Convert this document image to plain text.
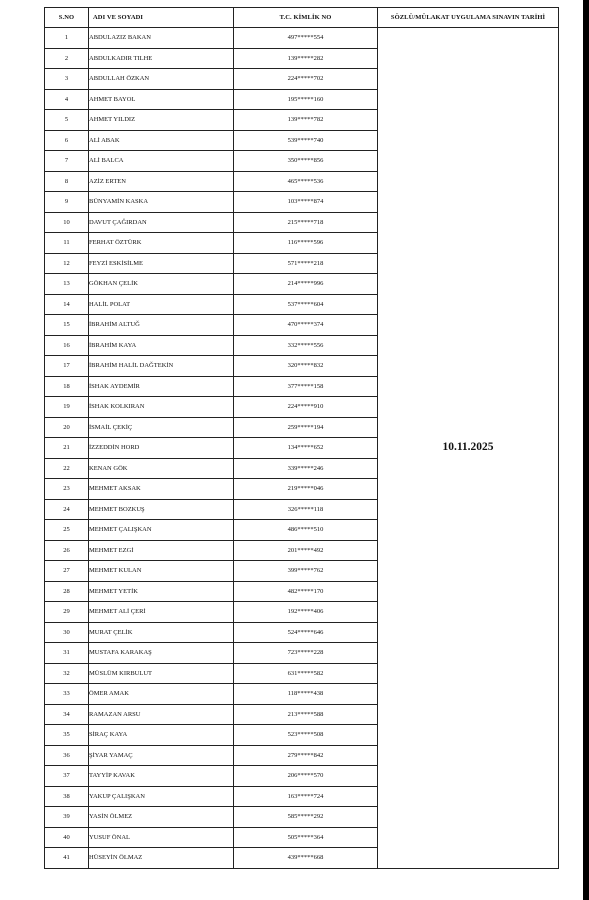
S.NO	ADI VE SOYADI	T.C. KİMLİK NO	SÖZLÜ/MÜLAKAT UYGULAMA SINAVIN TARİHİ
1	ABDULAZIZ BAKAN	497*****554	10.11.2025
2	ABDULKADIR TILHE	139*****282	
3	ABDULLAH ÖZKAN	224*****702	
4	AHMET BAYOL	195*****160	
5	AHMET YILDIZ	139*****782	
6	ALİ ABAK	539*****740	
7	ALİ BALCA	350*****856	
8	AZİZ ERTEN	465*****536	
9	BÜNYAMİN KASKA	103*****874	
10	DAVUT ÇAĞIRDAN	215*****718	
11	FERHAT ÖZTÜRK	116*****596	
12	FEYZİ ESKİSİLME	571*****218	
13	GÖKHAN ÇELİK	214*****996	
14	HALİL POLAT	537*****604	
15	İBRAHİM ALTUĞ	470*****374	
16	İBRAHİM KAYA	332*****556	
17	İBRAHİM HALİL DAĞTEKİN	320*****832	
18	İSHAK AYDEMİR	377*****158	
19	İSHAK KOLKIRAN	224*****910	
20	İSMAİL ÇEKİÇ	259*****194	
21	İZZEDDİN HORD	134*****652	
22	KENAN GÖK	339*****246	
23	MEHMET AKSAK	219*****046	
24	MEHMET BOZKUŞ	326*****118	
25	MEHMET ÇALIŞKAN	486*****510	
26	MEHMET EZGİ	201*****492	
27	MEHMET KULAN	399*****762	
28	MEHMET YETİK	482*****170	
29	MEHMET ALİ ÇERİ	192*****406	
30	MURAT ÇELİK	524*****646	
31	MUSTAFA KARAKAŞ	723*****228	
32	MÜSLÜM KIRBULUT	631*****582	
33	ÖMER AMAK	118*****438	
34	RAMAZAN ARSU	213*****588	
35	SİRAÇ KAYA	523*****508	
36	ŞİYAR YAMAÇ	279*****842	
37	TAYYİP KAVAK	206*****570	
38	YAKUP ÇALIŞKAN	163*****724	
39	YASİN ÖLMEZ	585*****292	
40	YUSUF ÖNAL	505*****364	
41	HÜSEYİN ÖLMAZ	439*****668	
